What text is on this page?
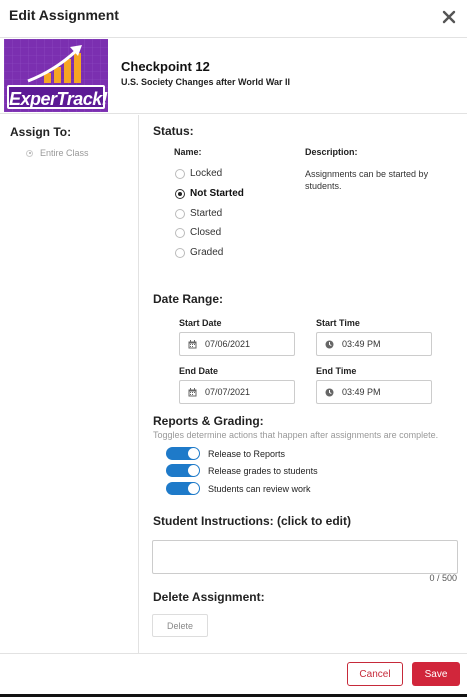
Edit Assignment
ExperTrack!
Checkpoint 12
U.S. Society Changes after World War II
Assign To:
Entire Class
Status:
Name:	Description:
Locked
Not Started
Started
Closed
Graded
Assignments can be started by students.
Date Range:
Start Date
07/06/2021
Start Time
03:49 PM
End Date
07/07/2021
End Time
03:49 PM
Reports & Grading:
Toggles determine actions that happen after assignments are complete.
Release to Reports
Release grades to students
Students can review work
Student Instructions: (click to edit)
0 / 500
Delete Assignment:
Delete
Cancel	Save
